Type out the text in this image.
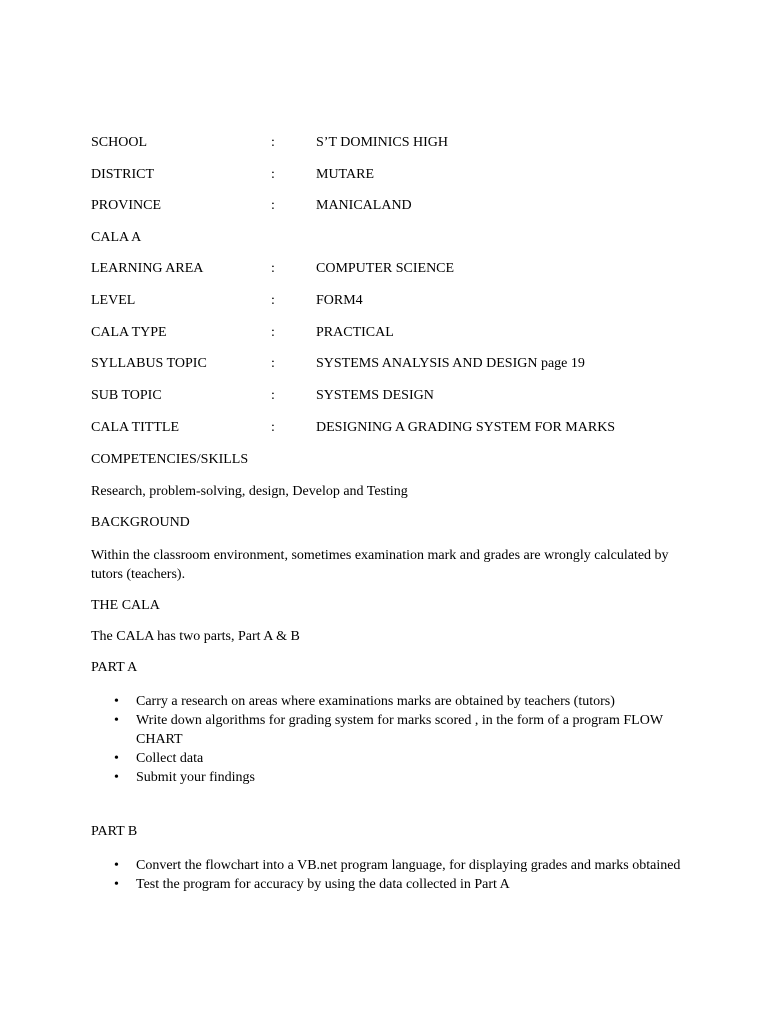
SCHOOL	:	S’T DOMINICS HIGH
DISTRICT	:	MUTARE
PROVINCE	:	MANICALAND
CALA A
LEARNING AREA	:	COMPUTER SCIENCE
LEVEL	:	FORM4
CALA TYPE	:	PRACTICAL
SYLLABUS TOPIC	:	SYSTEMS ANALYSIS AND DESIGN page 19
SUB TOPIC	:	SYSTEMS DESIGN
CALA TITTLE	:	DESIGNING A GRADING SYSTEM FOR MARKS
COMPETENCIES/SKILLS
Research, problem-solving, design, Develop and Testing
BACKGROUND
Within the classroom environment, sometimes examination mark and grades are wrongly calculated by tutors (teachers).
THE CALA
The CALA has two parts, Part A & B
PART A
• Carry a research on areas where examinations marks are obtained by teachers (tutors)
• Write down algorithms for grading system for marks scored , in the form of a program FLOW CHART
• Collect data
• Submit your findings
PART B
• Convert the flowchart into a VB.net program language, for displaying grades and marks obtained
• Test the program for accuracy by using the data collected in Part A
